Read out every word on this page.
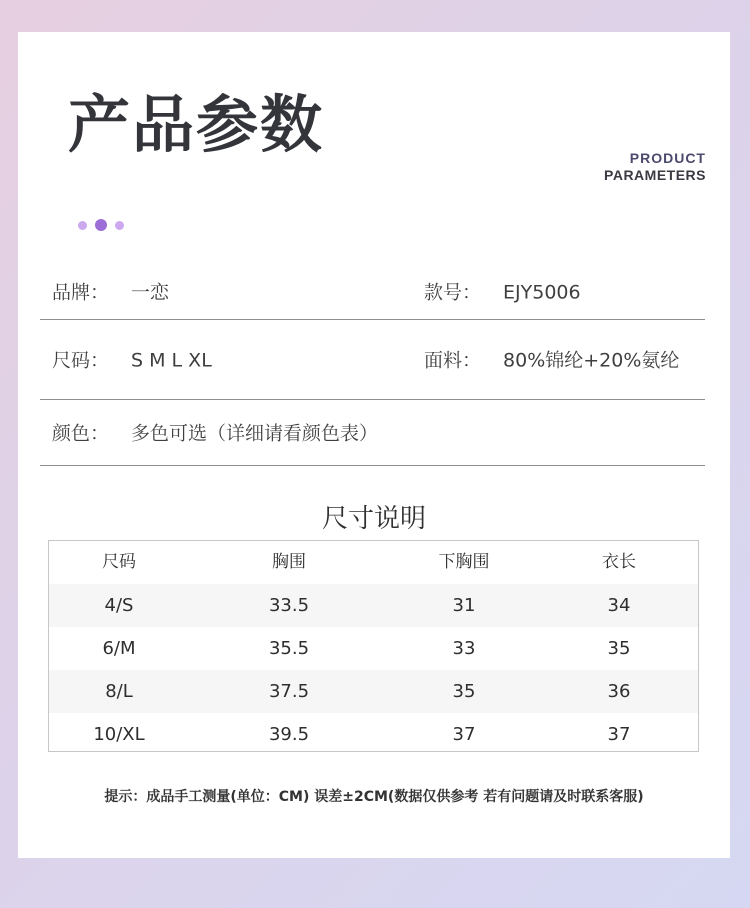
产品参数	PRODUCT
PARAMETERS
品牌： 一恋	款号： EJY5006
尺码： S M L XL	面料： 80%锦纶+20%氨纶
颜色： 多色可选（详细请看颜色表）
尺寸说明
尺码	胸围	下胸围	衣长
4/S	33.5	31	34
6/M	35.5	33	35
8/L	37.5	35	36
10/XL	39.5	37	37
提示：成品手工测量(单位：CM) 误差±2CM(数据仅供参考 若有问题请及时联系客服)
